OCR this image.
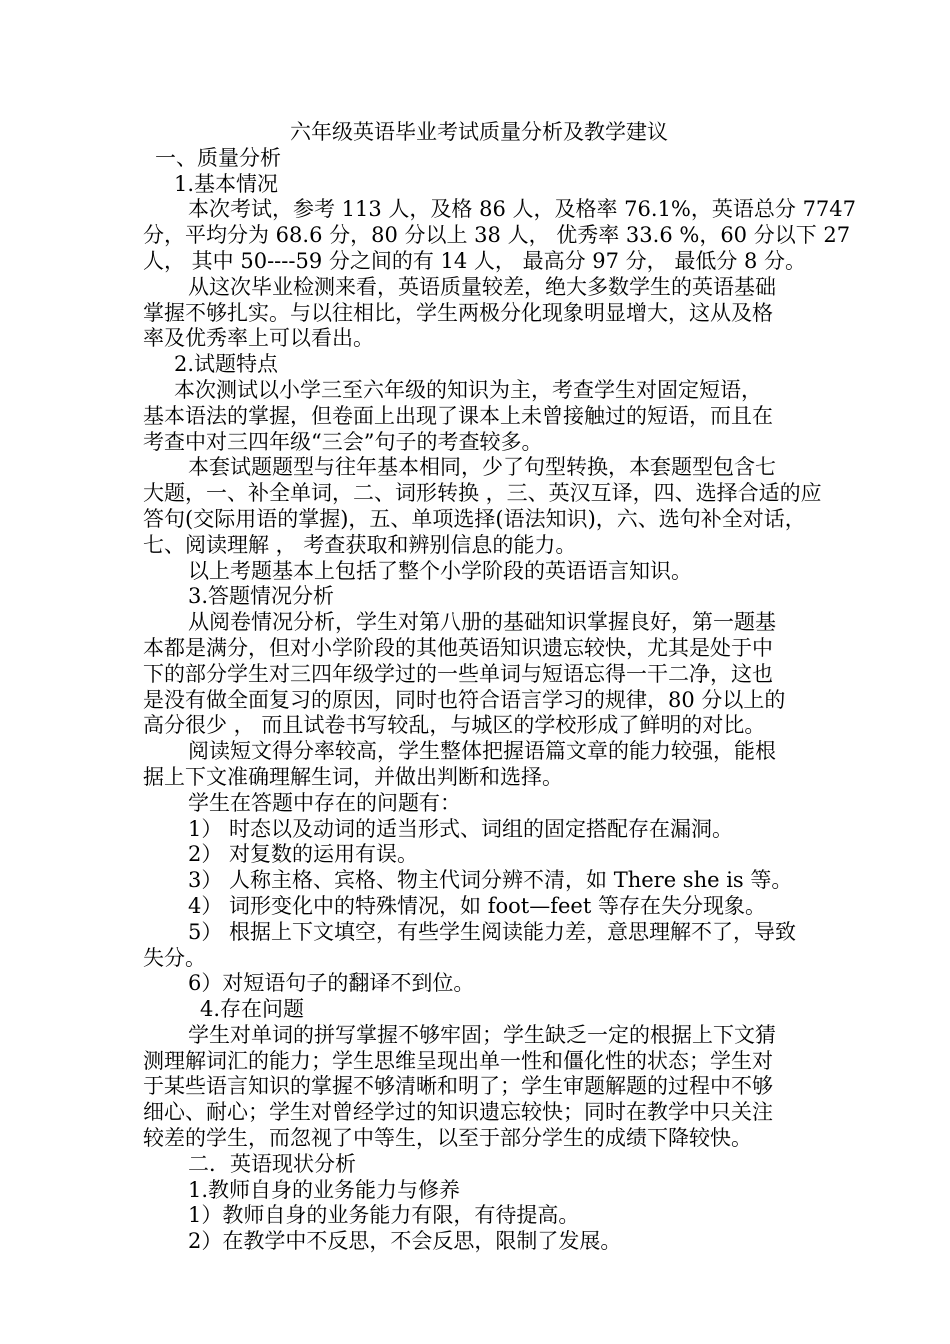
六年级英语毕业考试质量分析及教学建议
一、质量分析
1.基本情况
本次考试，参考 113 人，及格 86 人，及格率 76.1%，英语总分 7747
分，平均分为 68.6 分，80 分以上 38 人， 优秀率 33.6 %，60 分以下 27
人， 其中 50----59 分之间的有 14 人， 最高分 97 分， 最低分 8 分。
从这次毕业检测来看，英语质量较差，绝大多数学生的英语基础
掌握不够扎实。与以往相比，学生两极分化现象明显增大，这从及格
率及优秀率上可以看出。
2.试题特点
本次测试以小学三至六年级的知识为主，考查学生对固定短语，
基本语法的掌握，但卷面上出现了课本上未曾接触过的短语，而且在
考查中对三四年级“三会”句子的考查较多。
本套试题题型与往年基本相同，少了句型转换，本套题型包含七
大题，一、补全单词，二、词形转换 ，三、英汉互译，四、选择合适的应
答句(交际用语的掌握)，五、单项选择(语法知识)，六、选句补全对话，
七、阅读理解 ， 考查获取和辨别信息的能力。
以上考题基本上包括了整个小学阶段的英语语言知识。
3.答题情况分析
从阅卷情况分析，学生对第八册的基础知识掌握良好，第一题基
本都是满分，但对小学阶段的其他英语知识遗忘较快，尤其是处于中
下的部分学生对三四年级学过的一些单词与短语忘得一干二净，这也
是没有做全面复习的原因，同时也符合语言学习的规律，80 分以上的
高分很少 ， 而且试卷书写较乱，与城区的学校形成了鲜明的对比。
阅读短文得分率较高，学生整体把握语篇文章的能力较强，能根
据上下文准确理解生词，并做出判断和选择。
学生在答题中存在的问题有：
1） 时态以及动词的适当形式、词组的固定搭配存在漏洞。
2） 对复数的运用有误。
3） 人称主格、宾格、物主代词分辨不清，如 There she is 等。
4） 词形变化中的特殊情况，如 foot—feet 等存在失分现象。
5） 根据上下文填空，有些学生阅读能力差，意思理解不了，导致
失分。
6）对短语句子的翻译不到位。
4.存在问题
学生对单词的拼写掌握不够牢固；学生缺乏一定的根据上下文猜
测理解词汇的能力；学生思维呈现出单一性和僵化性的状态；学生对
于某些语言知识的掌握不够清晰和明了；学生审题解题的过程中不够
细心、耐心；学生对曾经学过的知识遗忘较快；同时在教学中只关注
较差的学生，而忽视了中等生，以至于部分学生的成绩下降较快。
二．英语现状分析
1.教师自身的业务能力与修养
1）教师自身的业务能力有限，有待提高。
2）在教学中不反思，不会反思，限制了发展。
